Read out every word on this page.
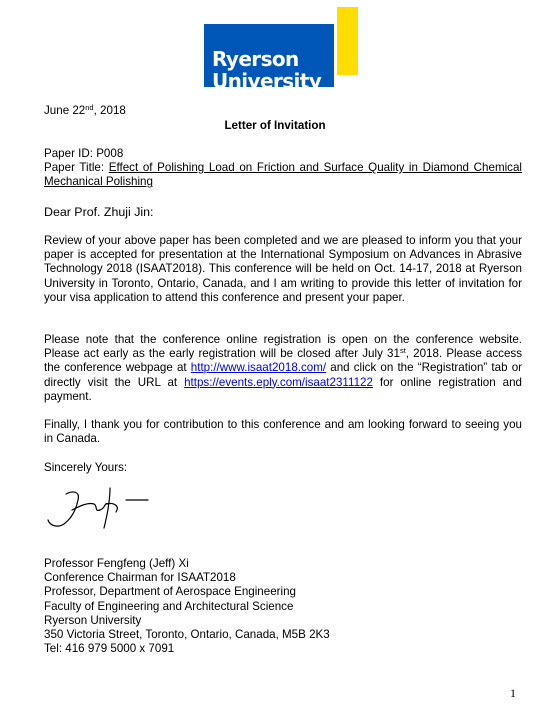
Ryerson
University
June 22nd, 2018
Letter of Invitation
Paper ID: P008
Paper Title: Effect of Polishing Load on Friction and Surface Quality in Diamond Chemical Mechanical Polishing
Dear Prof. Zhuji Jin:
Review of your above paper has been completed and we are pleased to inform you that your paper is accepted for presentation at the International Symposium on Advances in Abrasive Technology 2018 (ISAAT2018). This conference will be held on Oct. 14-17, 2018 at Ryerson University in Toronto, Ontario, Canada, and I am writing to provide this letter of invitation for your visa application to attend this conference and present your paper.
Please note that the conference online registration is open on the conference website. Please act early as the early registration will be closed after July 31st, 2018. Please access the conference webpage at http://www.isaat2018.com/ and click on the “Registration” tab or directly visit the URL at https://events.eply.com/isaat2311122 for online registration and payment.
Finally, I thank you for contribution to this conference and am looking forward to seeing you in Canada.
Sincerely Yours:
Professor Fengfeng (Jeff) Xi
Conference Chairman for ISAAT2018
Professor, Department of Aerospace Engineering
Faculty of Engineering and Architectural Science
Ryerson University
350 Victoria Street, Toronto, Ontario, Canada, M5B 2K3
Tel: 416 979 5000 x 7091
1
